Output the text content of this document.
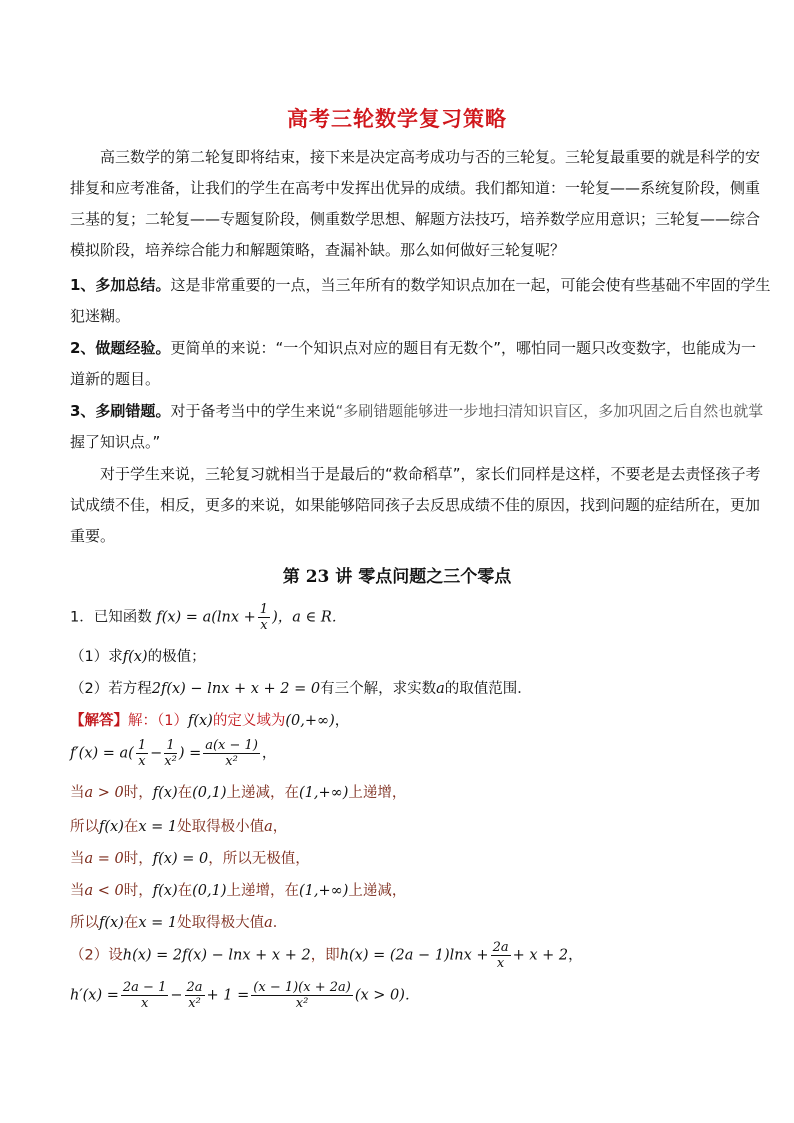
高考三轮数学复习策略
高三数学的第二轮复即将结束，接下来是决定高考成功与否的三轮复。三轮复最重要的就是科学的安
排复和应考准备，让我们的学生在高考中发挥出优异的成绩。我们都知道：一轮复——系统复阶段，侧重
三基的复；二轮复——专题复阶段，侧重数学思想、解题方法技巧，培养数学应用意识；三轮复——综合
模拟阶段，培养综合能力和解题策略，查漏补缺。那么如何做好三轮复呢？
1、多加总结。这是非常重要的一点，当三年所有的数学知识点加在一起，可能会使有些基础不牢固的学生
犯迷糊。
2、做题经验。更简单的来说：“一个知识点对应的题目有无数个”，哪怕同一题只改变数字，也能成为一
道新的题目。
3、多刷错题。对于备考当中的学生来说“多刷错题能够进一步地扫清知识盲区，多加巩固之后自然也就掌
握了知识点。”
对于学生来说，三轮复习就相当于是最后的“救命稻草”，家长们同样是这样，不要老是去责怪孩子考
试成绩不佳，相反，更多的来说，如果能够陪同孩子去反思成绩不佳的原因，找到问题的症结所在，更加
重要。
第 23 讲 零点问题之三个零点
1．已知函数 $f(x) = a(\ln x + \frac{1}{x}$ )，a ∈ R．
（1）求f(x)的极值；
（2）若方程2f(x) − lnx + x + 2 = 0有三个解，求实数a的取值范围．
【解答】解：（1）f(x)的定义域为(0,+∞)，
$f'(x) = a( \frac{1}{x} - \frac{1}{\text{x²}}$ ) = $\frac{a(x - 1)}{\text{x²}}$ ，
当a > 0时，f(x)在(0,1)上递减，在(1,+∞)上递增，
所以f(x)在x = 1处取得极小值a，
当a = 0时，f(x) = 0，所以无极值，
当a < 0时，f(x)在(0,1)上递增，在(1,+∞)上递减，
所以f(x)在x = 1处取得极大值a．
（2）设h(x) = 2f(x) − lnx + x + 2，即$h(x) = (2a - 1)\ln x + \frac{2a}{x} + x + 2$，
$h'(x) = \frac{2a - 1}{x} - \frac{2a}{\text{x²}} + 1 = \frac{(x - 1)(x + 2a)}{\text{x²}} (x > 0)$．
